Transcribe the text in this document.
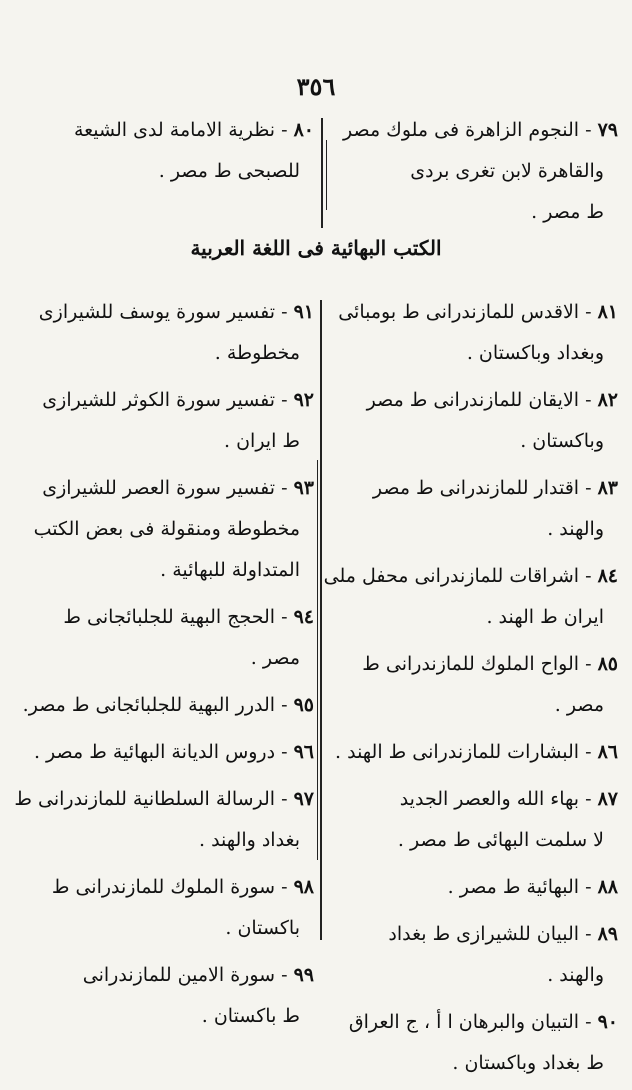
٣٥٦
٧٩ - النجوم الزاهرة فى ملوك مصر
والقاهرة لابن تغرى بردى
ط مصر .
٨٠ - نظرية الامامة لدى الشيعة
للصبحى ط مصر .
الكتب البهائية فى اللغة العربية
٨١ - الاقدس للمازندرانى ط بومبائى
وبغداد وباكستان .
٨٢ - الايقان للمازندرانى ط مصر
وباكستان .
٨٣ - اقتدار للمازندرانى ط مصر
والهند .
٨٤ - اشراقات للمازندرانى محفل ملى
ايران ط الهند .
٨٥ - الواح الملوك للمازندرانى ط
مصر .
٨٦ - البشارات للمازندرانى ط الهند .
٨٧ - بهاء الله والعصر الجديد
لا سلمت البهائى ط مصر .
٨٨ - البهائية ط مصر .
٨٩ - البيان للشيرازى ط بغداد
والهند .
٩٠ - التبيان والبرهان ا أ ، ج العراق
ط بغداد وباكستان .
٩١ - تفسير سورة يوسف للشيرازى
مخطوطة .
٩٢ - تفسير سورة الكوثر للشيرازى
ط ايران .
٩٣ - تفسير سورة العصر للشيرازى
مخطوطة ومنقولة فى بعض الكتب
المتداولة للبهائية .
٩٤ - الحجج البهية للجلبائجانى ط
مصر .
٩٥ - الدرر البهية للجلبائجانى ط مصر.
٩٦ - دروس الديانة البهائية ط مصر .
٩٧ - الرسالة السلطانية للمازندرانى ط
بغداد والهند .
٩٨ - سورة الملوك للمازندرانى ط
باكستان .
٩٩ - سورة الامين للمازندرانى
ط باكستان .
